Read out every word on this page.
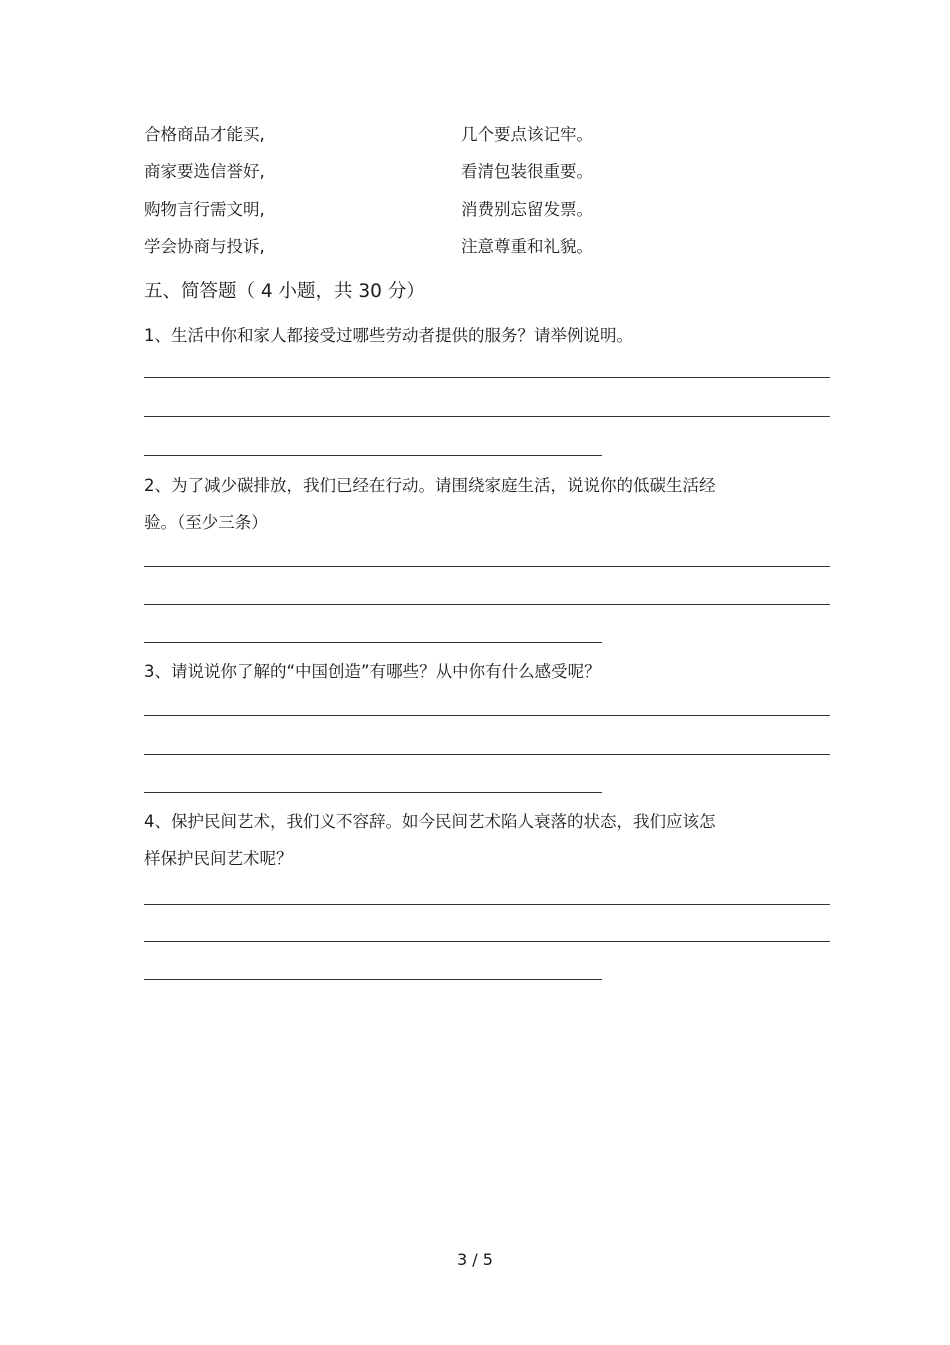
合格商品才能买,	几个要点该记牢。
商家要选信誉好,	看清包装很重要。
购物言行需文明,	消费别忘留发票。
学会协商与投诉,	注意尊重和礼貌。
五、简答题（ 4 小题，共 30 分）
1、生活中你和家人都接受过哪些劳动者提供的服务？请举例说明。
2、为了减少碳排放，我们已经在行动。请围绕家庭生活，说说你的低碳生活经
验。（至少三条）
3、请说说你了解的“中国创造”有哪些？从中你有什么感受呢？
4、保护民间艺术，我们义不容辞。如今民间艺术陷人衰落的状态，我们应该怎
样保护民间艺术呢？
3 / 5
